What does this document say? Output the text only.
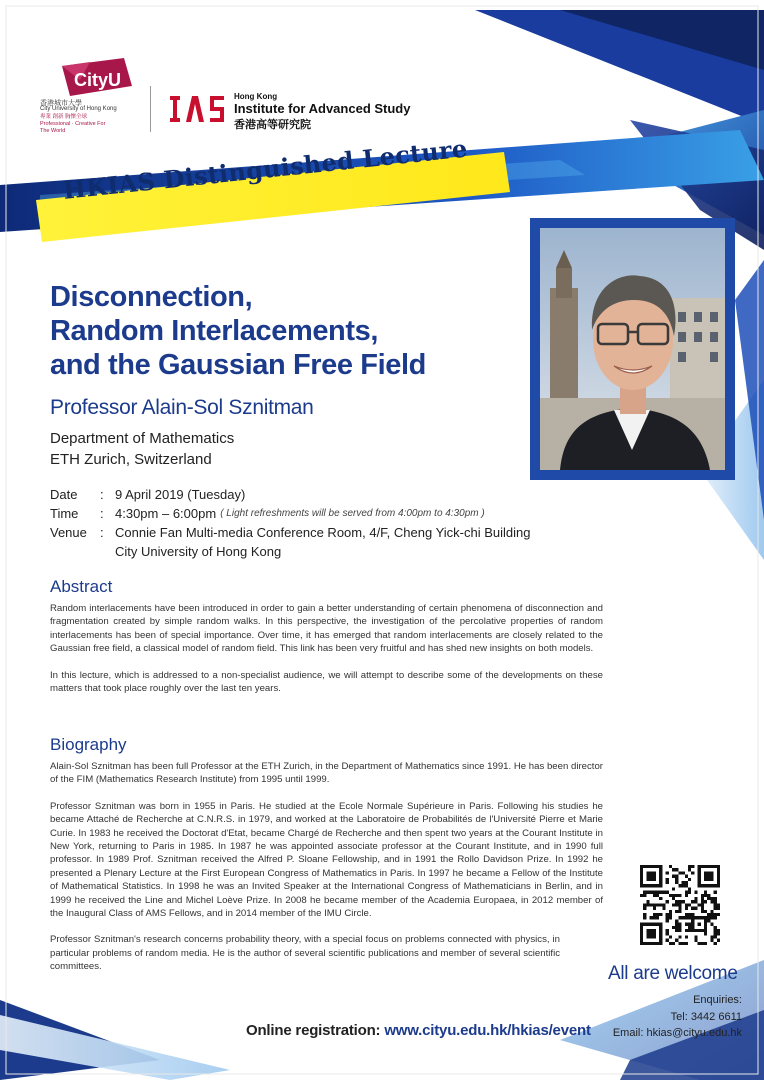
CityU
香港城市大學
City University of Hong Kong
專業 創新 胸懷全球
Professional · Creative For The World
IAS
Hong Kong
Institute for Advanced Study
香港高等研究院
HKIAS Distinguished Lecture
Disconnection,
Random Interlacements,
and the Gaussian Free Field
Professor Alain-Sol Sznitman
Department of Mathematics
ETH Zurich, Switzerland
Date	: 9 April 2019 (Tuesday)
Time	: 4:30pm – 6:00pm ( Light refreshments will be served from 4:00pm to 4:30pm )
Venue	: Connie Fan Multi-media Conference Room, 4/F, Cheng Yick-chi Building
City University of Hong Kong
Abstract

Random interlacements have been introduced in order to gain a better understanding of certain phenomena of disconnection and fragmentation created by simple random walks. In this perspective, the investigation of the percolative properties of random interlacements has been of special importance. Over time, it has emerged that random interlacements are closely related to the Gaussian free field, a classical model of random field. This link has been very fruitful and has shed new insights on both models.

In this lecture, which is addressed to a non-specialist audience, we will attempt to describe some of the developments on these matters that took place roughly over the last ten years.

Biography

Alain-Sol Sznitman has been full Professor at the ETH Zurich, in the Department of Mathematics since 1991. He has been director of the FIM (Mathematics Research Institute) from 1995 until 1999.

Professor Sznitman was born in 1955 in Paris. He studied at the Ecole Normale Supérieure in Paris. Following his studies he became Attaché de Recherche at C.N.R.S. in 1979, and worked at the Laboratoire de Probabilités de l'Université Pierre et Marie Curie. In 1983 he received the Doctorat d'Etat, became Chargé de Recherche and then spent two years at the Courant Institute in New York, returning to Paris in 1985. In 1987 he was appointed associate professor at the Courant Institute, and in 1990 full professor. In 1989 Prof. Sznitman received the Alfred P. Sloane Fellowship, and in 1991 the Rollo Davidson Prize. In 1992 he presented a Plenary Lecture at the First European Congress of Mathematics in Paris. In 1997 he became a Fellow of the Institute of Mathematical Statistics. In 1998 he was an Invited Speaker at the International Congress of Mathematicians in Berlin, and in 1999 he received the Line and Michel Loève Prize. In 2008 he became member of the Academia Europaea, in 2012 member of the Inaugural Class of AMS Fellows, and in 2014 member of the IMU Circle.

Professor Sznitman's research concerns probability theory, with a special focus on problems connected with physics, in particular problems of random media. He is the author of several scientific publications and member of several scientific committees.	All are welcome
Enquiries:
Tel: 3442 6611
Email: hkias@cityu.edu.hk
Online registration: www.cityu.edu.hk/hkias/event
